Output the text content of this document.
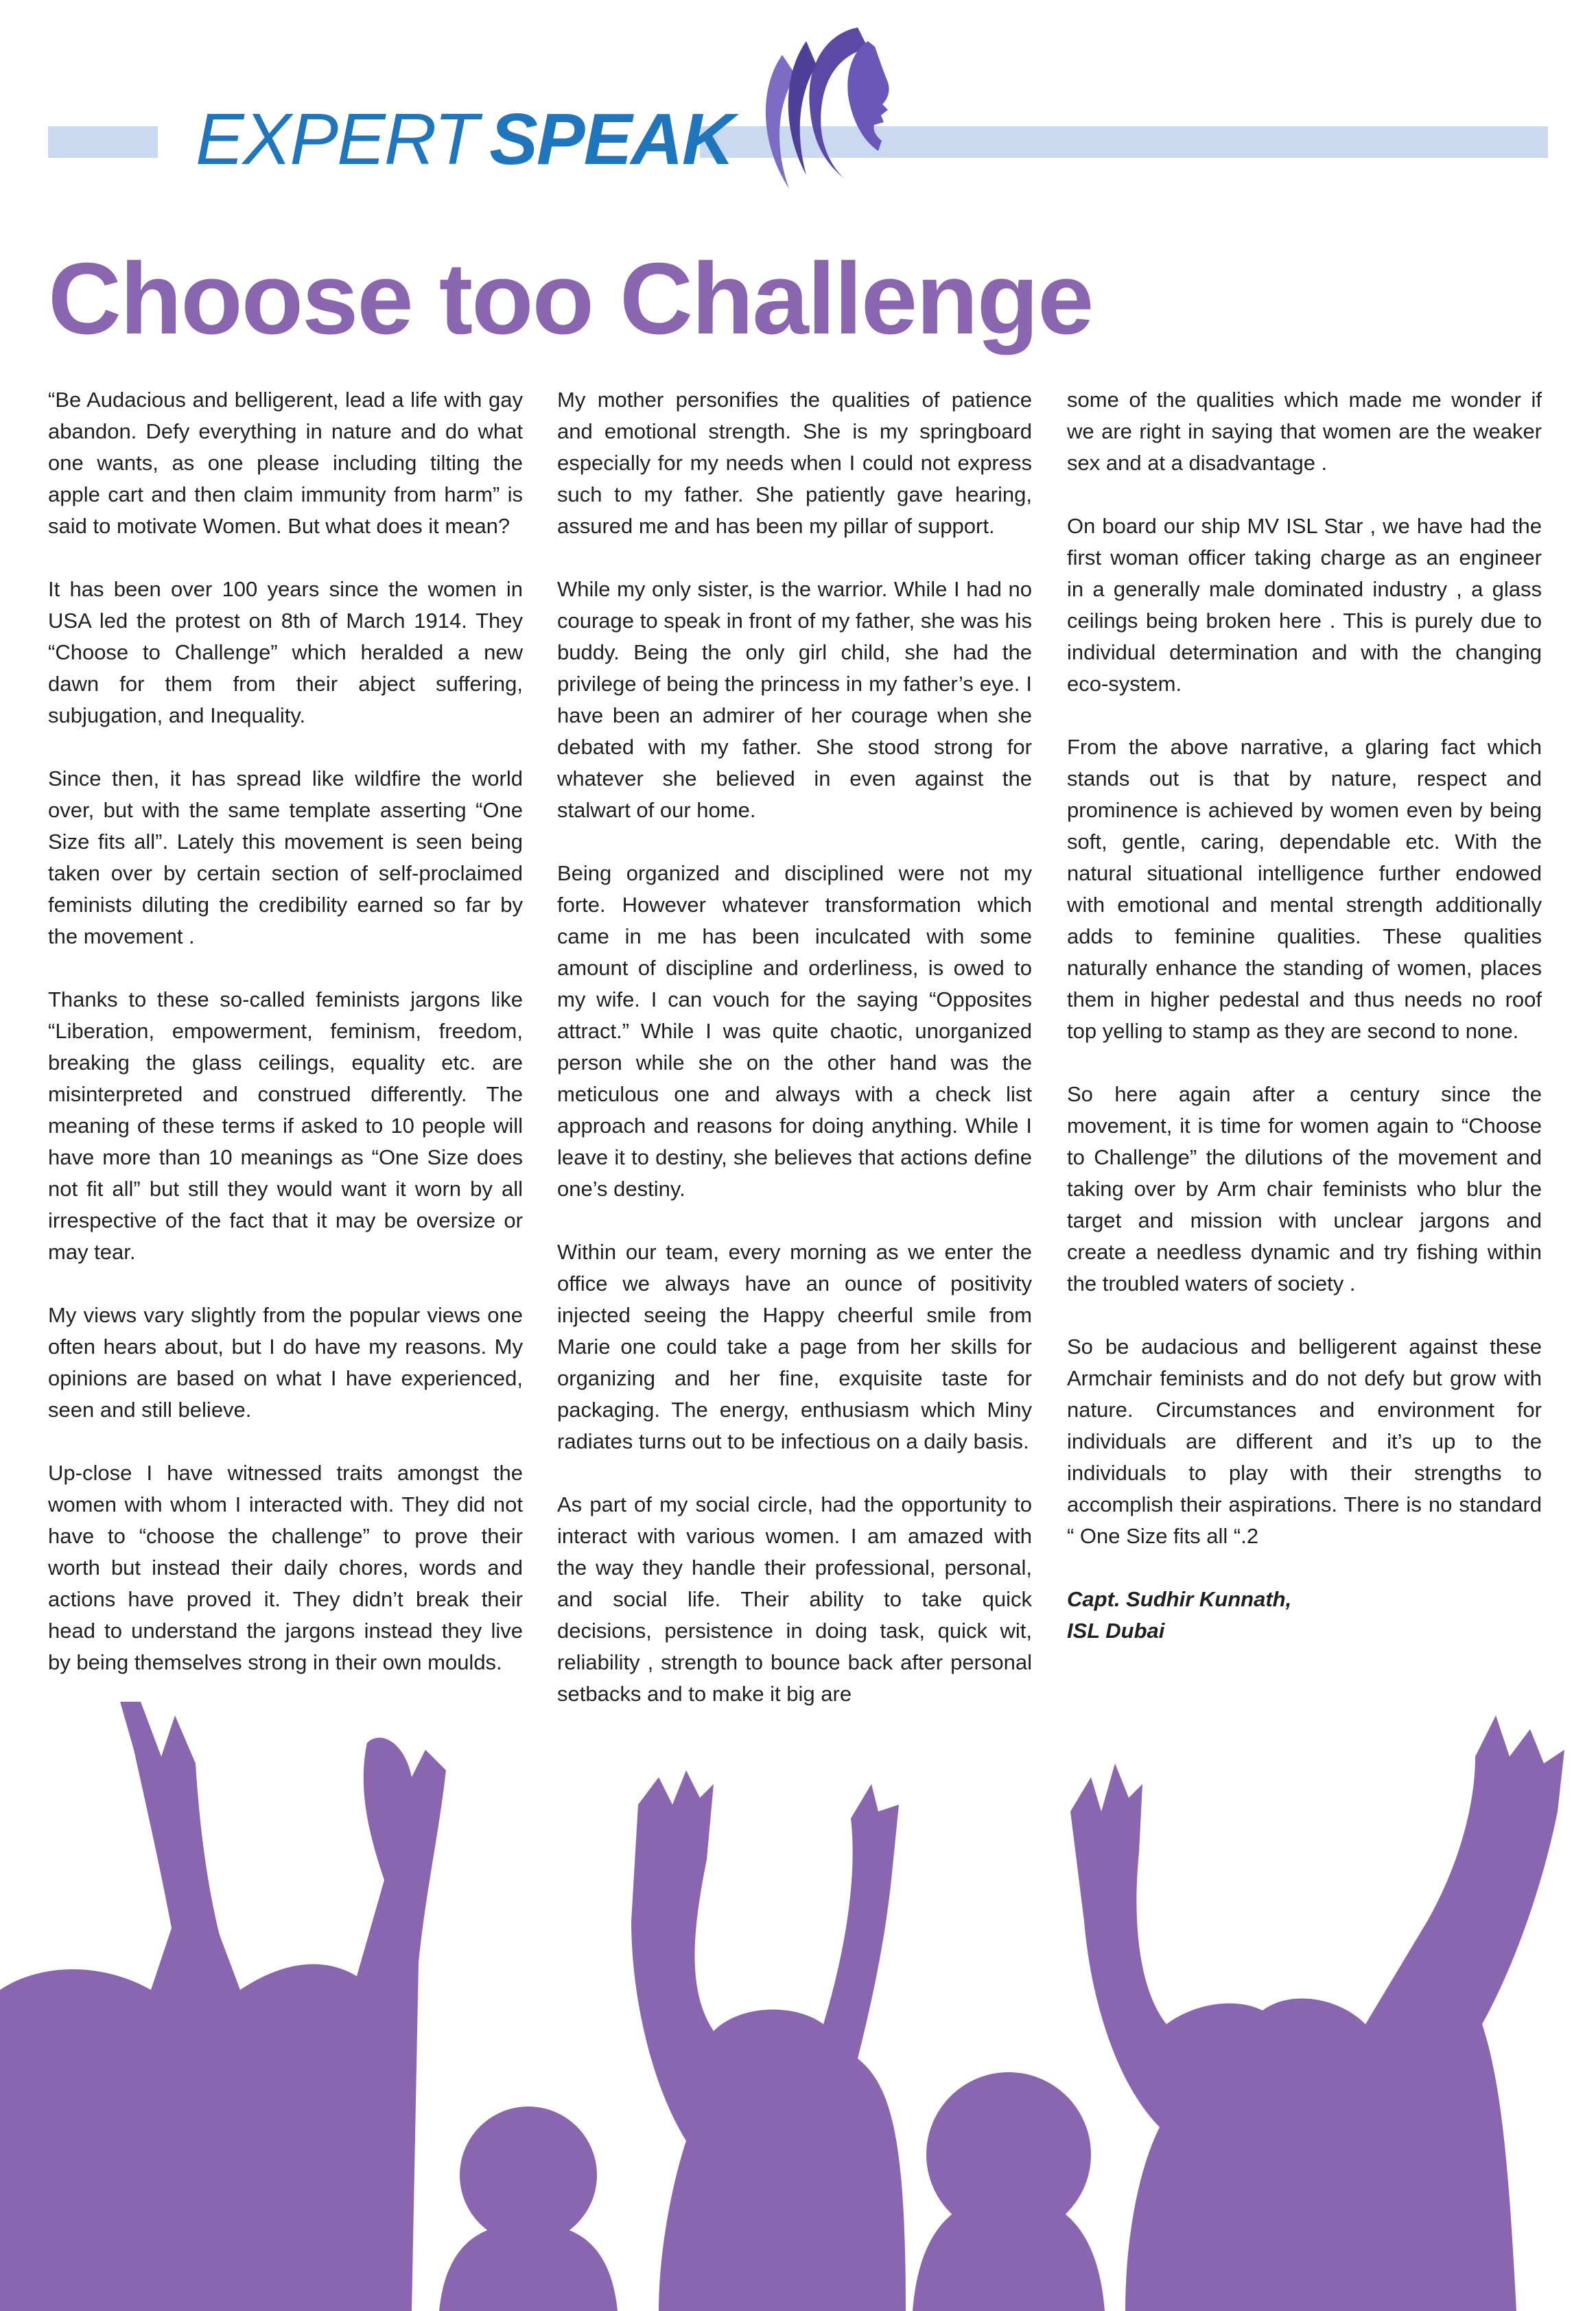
EXPERT SPEAK
Choose too Challenge

“Be Audacious and belligerent, lead a life with gay abandon. Defy everything in nature and do what one wants, as one please including tilting the apple cart and then claim immunity from harm” is said to motivate Women. But what does it mean?

It has been over 100 years since the women in USA led the protest on 8th of March 1914. They “Choose to Challenge” which heralded a new dawn for them from their abject suffering, subjugation, and Inequality.

Since then, it has spread like wildfire the world over, but with the same template asserting “One Size fits all”. Lately this movement is seen being taken over by certain section of self-proclaimed feminists diluting the credibility earned so far by the movement .

Thanks to these so-called feminists jargons like “Liberation, empowerment, feminism, freedom, breaking the glass ceilings, equality etc. are misinterpreted and construed differently. The meaning of these terms if asked to 10 people will have more than 10 meanings as “One Size does not fit all” but still they would want it worn by all irrespective of the fact that it may be oversize or may tear.

My views vary slightly from the popular views one often hears about, but I do have my reasons. My opinions are based on what I have experienced, seen and still believe.

Up-close I have witnessed traits amongst the women with whom I interacted with. They did not have to “choose the challenge” to prove their worth but instead their daily chores, words and actions have proved it. They didn’t break their head to understand the jargons instead they live by being themselves strong in their own moulds.

My mother personifies the qualities of patience and emotional strength. She is my springboard especially for my needs when I could not express such to my father. She patiently gave hearing, assured me and has been my pillar of support.

While my only sister, is the warrior. While I had no courage to speak in front of my father, she was his buddy. Being the only girl child, she had the privilege of being the princess in my father’s eye. I have been an admirer of her courage when she debated with my father. She stood strong for whatever she believed in even against the stalwart of our home.

Being organized and disciplined were not my forte. However whatever transformation which came in me has been inculcated with some amount of discipline and orderliness, is owed to my wife. I can vouch for the saying “Opposites attract.” While I was quite chaotic, unorganized person while she on the other hand was the meticulous one and always with a check list approach and reasons for doing anything. While I leave it to destiny, she believes that actions define one’s destiny.

Within our team, every morning as we enter the office we always have an ounce of positivity injected seeing the Happy cheerful smile from Marie one could take a page from her skills for organizing and her fine, exquisite taste for packaging. The energy, enthusiasm which Miny radiates turns out to be infectious on a daily basis.

As part of my social circle, had the opportunity to interact with various women. I am amazed with the way they handle their professional, personal, and social life. Their ability to take quick decisions, persistence in doing task, quick wit, reliability , strength to bounce back after personal setbacks and to make it big are

some of the qualities which made me wonder if we are right in saying that women are the weaker sex and at a disadvantage .

On board our ship MV ISL Star , we have had the first woman officer taking charge as an engineer in a generally male dominated industry , a glass ceilings being broken here . This is purely due to individual determination and with the changing eco-system.

From the above narrative, a glaring fact which stands out is that by nature, respect and prominence is achieved by women even by being soft, gentle, caring, dependable etc. With the natural situational intelligence further endowed with emotional and mental strength additionally adds to feminine qualities. These qualities naturally enhance the standing of women, places them in higher pedestal and thus needs no roof top yelling to stamp as they are second to none.

So here again after a century since the movement, it is time for women again to “Choose to Challenge” the dilutions of the movement and taking over by Arm chair feminists who blur the target and mission with unclear jargons and create a needless dynamic and try fishing within the troubled waters of society .

So be audacious and belligerent against these Armchair feminists and do not defy but grow with nature. Circumstances and environment for individuals are different and it’s up to the individuals to play with their strengths to accomplish their aspirations. There is no standard “ One Size fits all “.2

Capt. Sudhir Kunnath,
ISL Dubai
